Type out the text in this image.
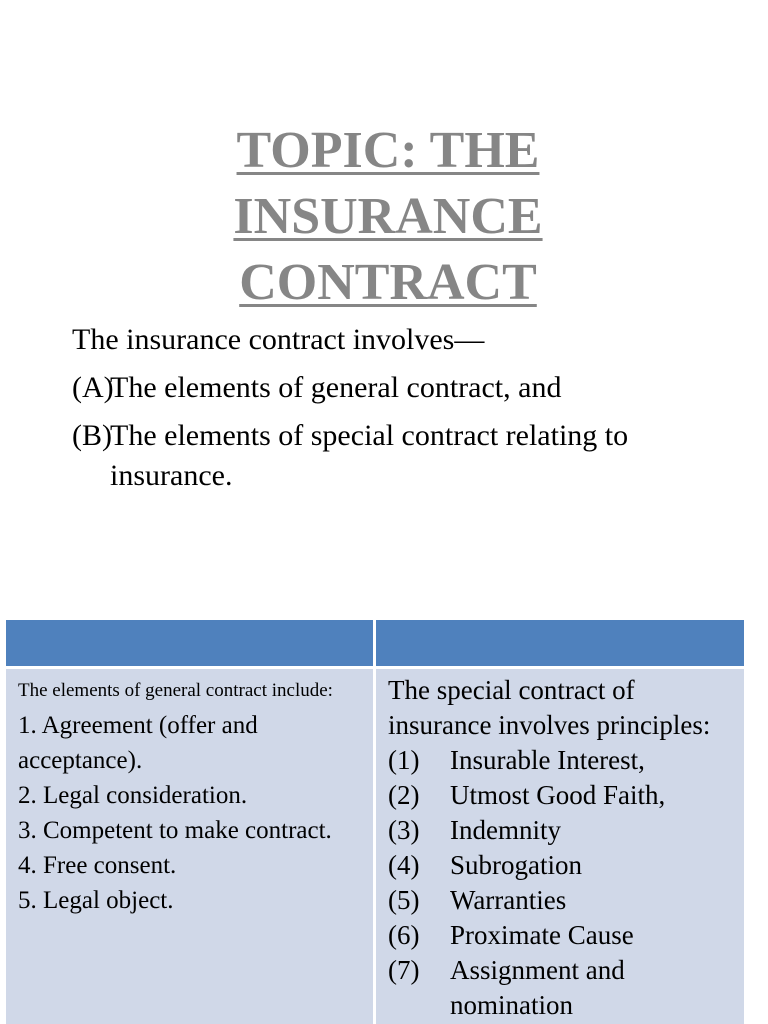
TOPIC: THE
INSURANCE
CONTRACT

The insurance contract involves—

(A)
The elements of general contract, and

(B)
The elements of special contract relating to insurance.

The elements of general contract include:

1. Agreement (offer and acceptance).
2. Legal consideration.
3. Competent to make contract.
4. Free consent.
5. Legal object.

The special contract of insurance involves principles:

(1) Insurable Interest,
(2) Utmost Good Faith,
(3) Indemnity
(4) Subrogation
(5) Warranties
(6) Proximate Cause
(7) Assignment and nomination
